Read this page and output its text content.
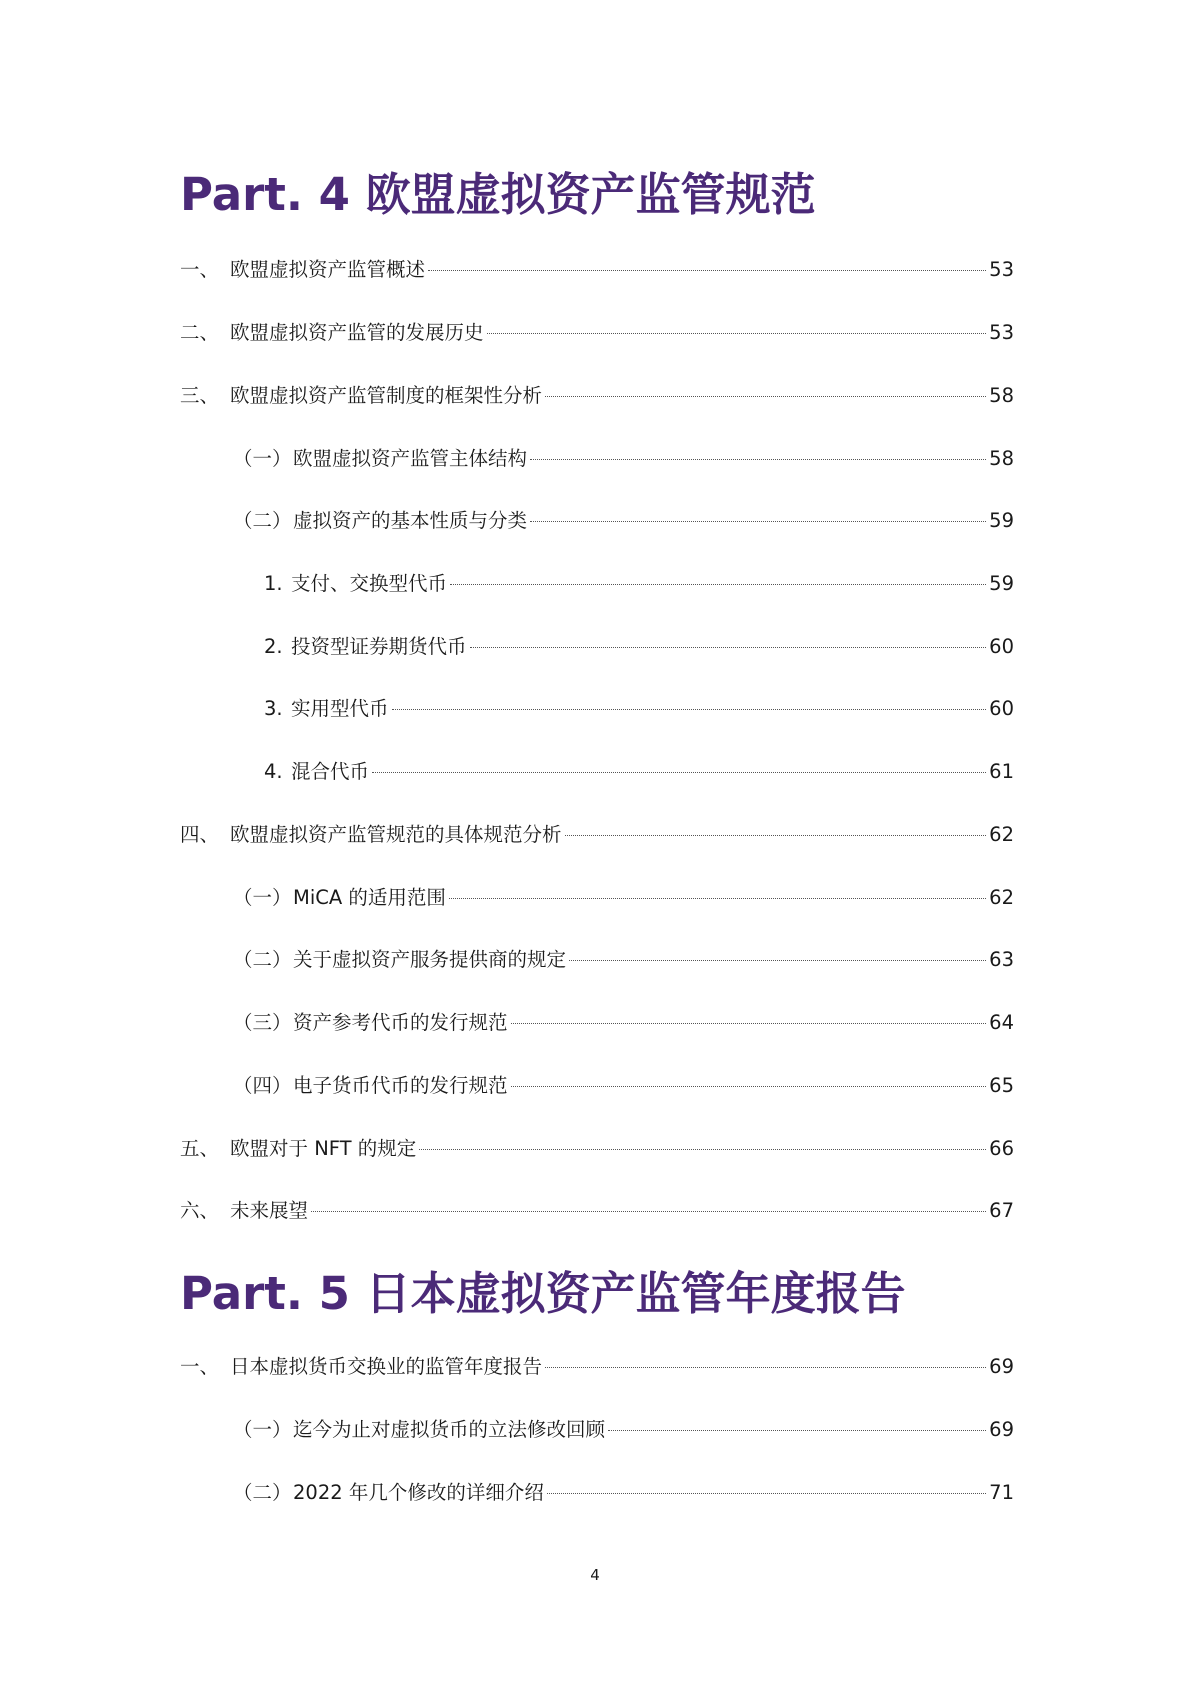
Part. 4 欧盟虚拟资产监管规范
一、 欧盟虚拟资产监管概述	53
二、 欧盟虚拟资产监管的发展历史	53
三、 欧盟虚拟资产监管制度的框架性分析	58
（一） 欧盟虚拟资产监管主体结构	58
（二） 虚拟资产的基本性质与分类	59
1. 支付、交换型代币	59
2. 投资型证券期货代币	60
3. 实用型代币	60
4. 混合代币	61
四、 欧盟虚拟资产监管规范的具体规范分析	62
（一） MiCA 的适用范围	62
（二） 关于虚拟资产服务提供商的规定	63
（三） 资产参考代币的发行规范	64
（四） 电子货币代币的发行规范	65
五、 欧盟对于 NFT 的规定	66
六、 未来展望	67
Part. 5 日本虚拟资产监管年度报告
一、 日本虚拟货币交换业的监管年度报告	69
（一） 迄今为止对虚拟货币的立法修改回顾	69
（二） 2022 年几个修改的详细介绍	71
4
